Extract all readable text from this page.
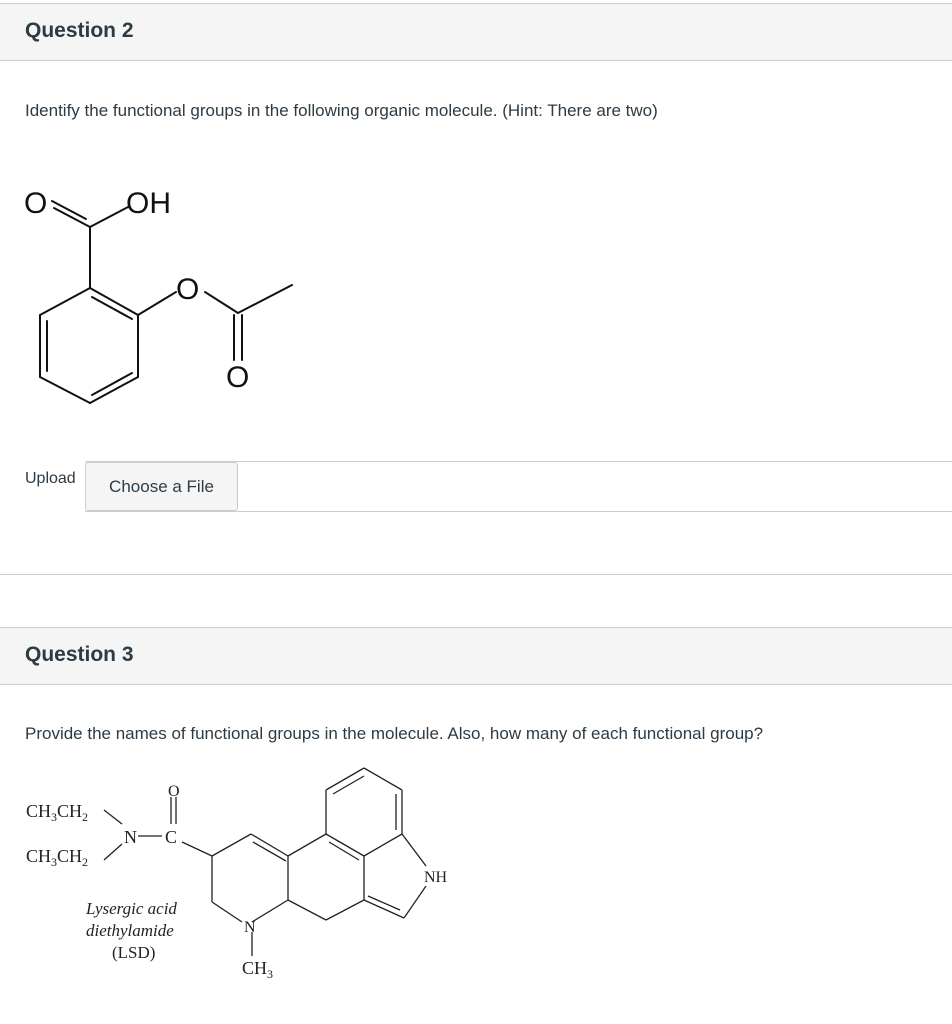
Question 2
Identify the functional groups in the following organic molecule. (Hint: There are two)
O	OH
O
O
Upload	Choose a File
Question 3
Provide the names of functional groups in the molecule. Also, how many of each functional group?
$CH_3CH_2$
$CH_3CH_2$
N C
O
N
$CH_3$
NH
Lysergic acid
diethylamide
(LSD)
